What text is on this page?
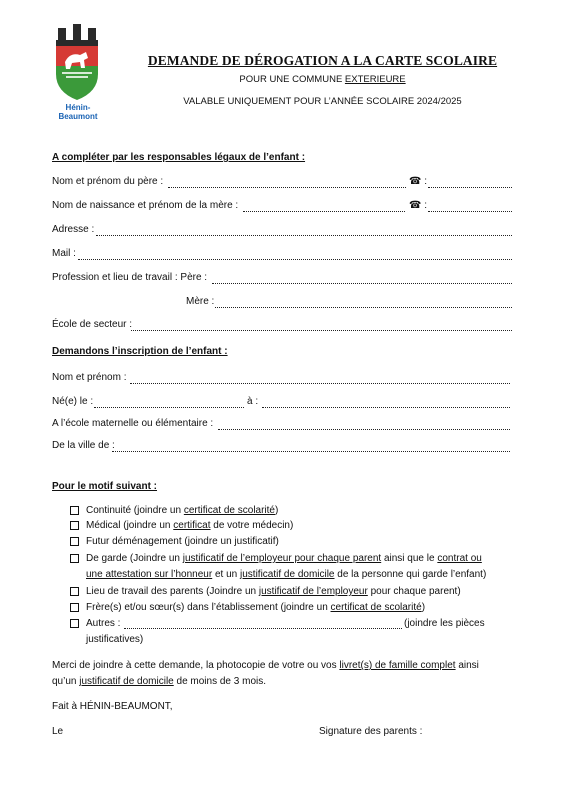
Hénin-Beaumont
DEMANDE DE DÉROGATION A LA CARTE SCOLAIRE
POUR UNE COMMUNE EXTERIEURE
VALABLE UNIQUEMENT POUR L’ANNÉE SCOLAIRE 2024/2025
A compléter par les responsables légaux de l’enfant :
Nom et prénom du père :	☎ :
Nom de naissance et prénom de la mère :	☎ :
Adresse :
Mail :
Profession et lieu de travail : Père :
Mère :
École de secteur :
Demandons l’inscription de l’enfant :
Nom et prénom :
Né(e) le :	à :
A l’école maternelle ou élémentaire :
De la ville de :
Pour le motif suivant :
Continuité (joindre un certificat de scolarité)
Médical (joindre un certificat de votre médecin)
Futur déménagement (joindre un justificatif)
De garde (Joindre un justificatif de l’employeur pour chaque parent ainsi que le contrat ou
une attestation sur l’honneur et un justificatif de domicile de la personne qui garde l’enfant)
Lieu de travail des parents (Joindre un justificatif de l’employeur pour chaque parent)
Frère(s) et/ou sœur(s) dans l’établissement (joindre un certificat de scolarité)
Autres :	(joindre les pièces
justificatives)
Merci de joindre à cette demande, la photocopie de votre ou vos livret(s) de famille complet ainsi
qu’un justificatif de domicile de moins de 3 mois.
Fait à HÉNIN-BEAUMONT,
Le	Signature des parents :
